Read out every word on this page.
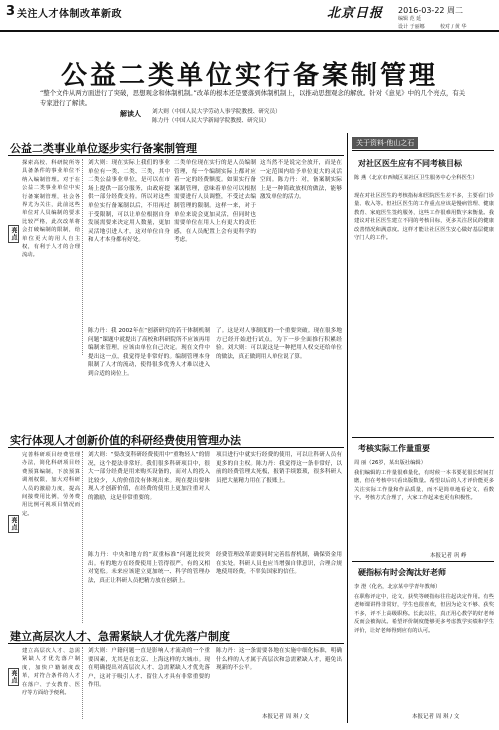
3 关注人才体制改革新政	北京日报 2016-03-22 周二
编辑 范 延
设计 于丽娜	校对 / 黄 华
公益二类单位实行备案制管理
“整个文件从两方面进行了突破，思想观念和体制机制。”改革的根本还是要落到体制机制上，以推动思想观念的解放。针对《意见》中的几个亮点，有关专家进行了解读。
解读人 刘大则（中国人民大学劳动人事学院教授、研究员）
陈力丹（中国人民大学新闻学院教授、研究员）
公益二类事业单位逐步实行备案制管理
探索高校、科研院所等具备条件的事业单位不纳入编制管理。对于在公益二类事业单位中实行备案制管理，社会各界尤为关注，此前这些单位对人员编制的要求比较严格，此次改革将会打破编制的限制，给单位更大的用人自主权，有利于人才的合理流动。
亮点
刘大则：现在实际上我们的事业单位有一类、二类、三类，其中二类公益事业单位，是可以在市场上提供一部分服务，由政府提供一部分经费支持。所以对这些单位实行备案制以后，不用再过于受限制，可以让单位根据自身发展需要来决定用人数量，更加灵活地引进人才，这对单位自身和人才本身都有好处。
二类单位现在实行的是人员编制管理，每一个编制实际上都对应着一定的经费额度。如果实行备案制管理，意味着单位可以根据需要进行人员调整，不受过去编制管理的限制。这样一来，对于单位来说会更加灵活，但同时也需要单位在用人上有更大的责任感，在人员配置上会有更科学的考虑。
这当然不是说完全放开，而是在一定范围内给予单位更大的灵活空间。陈力丹：对，备案制实际上是一种简政放权的做法，能够激发单位的活力。
陈力丹：我 2002年在“创新研究的若干体制机制问题”课题中就提出了高校和科研院所不应该再用编制来管理，应该由单位自己决定。现在文件中提出这一点，我觉得是非常好的。编制管理本身限制了人才的流动，使得很多优秀人才难以进入到合适的岗位上。
了。这是对人事制度的一个重要突破。现在很多地方已经开始进行试点，为下一步全面推行积累经验。刘大则：可以说这是一种把用人权交还给单位的做法，真正做到用人单位说了算。
实行体现人才创新价值的科研经费使用管理办法
完善科研项目经费管理办法，简化科研项目经费预算编制，下放预算调剂权限，加大对科研人员的激励力度，提高间接费用比例，劳务费用比例可视项目情况而定。
亮点
刘大则：“要改变科研经费使用中“重物轻人”的情况，这个提法非常好。我们很多科研项目中，很大一部分经费是用来购买设备的，而对人的投入比较少，人的价值没有体现出来。现在提出要体现人才创新价值，在经费的使用上更加注重对人的激励，这是非常重要的。
项目进行中就实行经费的使用，可以让科研人员有更多的自主权。陈力丹：我觉得这一条非常好，以前的经费管理太死板，报销手续繁琐，很多科研人员把大量精力用在了报账上。
陈力丹：中央和地方的“双重标准”问题比较突出。有的地方在经费使用上管得很严，有的又相对宽松。未来应该建立更加统一、科学的管理办法，真正让科研人员把精力放在创新上。
经费管理改革需要同时完善监督机制，确保资金用在实处。科研人员也应当增强自律意识，合理合规地使用经费，不辜负国家的信任。
建立高层次人才、急需紧缺人才优先落户制度
建立高层次人才、急需紧缺人才优先落户制度，加快户籍制度改革，对符合条件的人才在落户、子女教育、医疗等方面给予便利。
亮点
刘大则：户籍问题一直是影响人才流动的一个重要因素，尤其是在北京、上海这样的大城市。现在明确提出对高层次人才、急需紧缺人才优先落户，这对于吸引人才、留住人才具有非常重要的作用。
陈力丹：这一条需要各地在实施中细化标准，明确什么样的人才属于高层次和急需紧缺人才，避免出现新的不公平。
本报记者 周 琪 / 文
关于资料·他山之石
对社区医生应有不同考核目标
陈 燕（北京市西城区某社区卫生服务中心全科医生）
现在对社区医生的考核指标和医院医生差不多，主要看门诊量、收入等。但社区医生的工作重点应该是慢病管理、健康教育、家庭医生签约服务，这些工作很难用数字来衡量。我建议对社区医生建立不同的考核目标，更多关注居民的健康改善情况和满意度。这样才能让社区医生安心做好基层健康守门人的工作。
考核实际工作量重要
周 丽（26岁，某出版社编辑）
我们编辑的工作量很难量化，有时候一本书要花很长时间打磨，但在考核中只看出版数量。希望以后的人才评价能更多关注实际工作量和作品质量，而不是简单地看论文、看数字。考核方式合理了，大家工作起来也更有积极性。
本报记者 巩 峥
硬指标有时会淘汰好老师
李 澄（化名，北京某中学青年教师）
在职称评定中，论文、获奖等硬指标往往起决定作用。有些老师课讲得非常好，学生也很喜欢，但因为论文不够、获奖不多，评不上高级职称。长此以往，真正用心教学的好老师反而会被淘汰。希望评价制度能够更多考虑教学实绩和学生评价，让好老师得到应有的认可。
本报记者 周 琪 / 文
